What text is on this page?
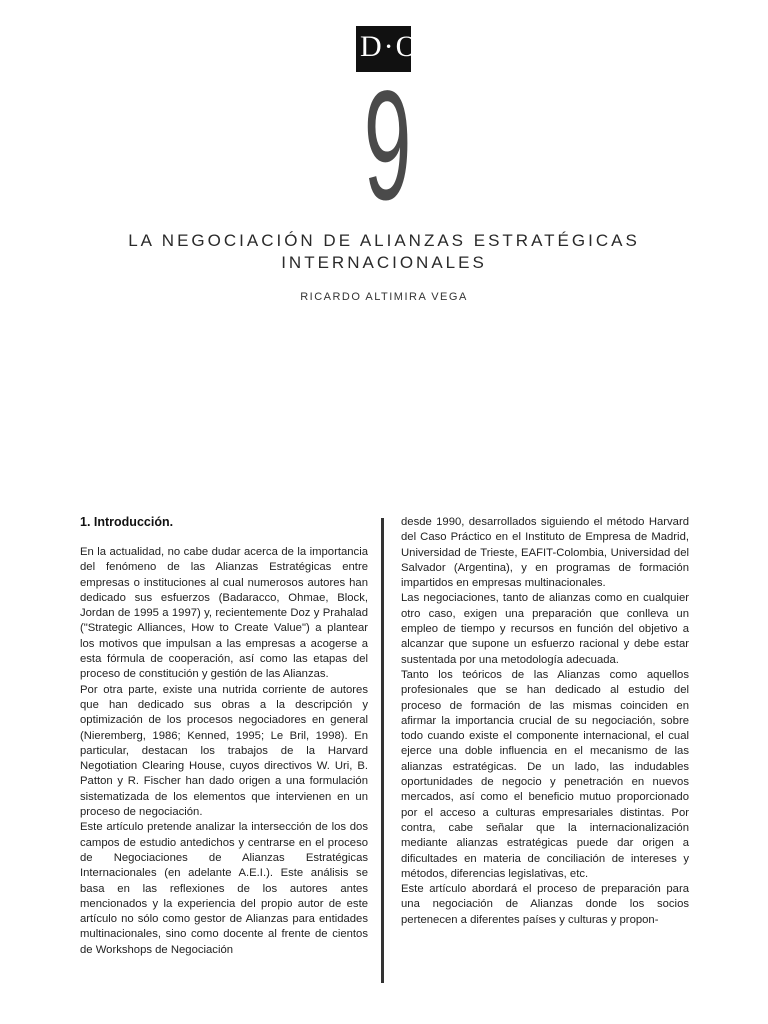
D·O
9
LA NEGOCIACIÓN DE ALIANZAS ESTRATÉGICAS
INTERNACIONALES
RICARDO ALTIMIRA VEGA
1. Introducción.

En la actualidad, no cabe dudar acerca de la importancia del fenómeno de las Alianzas Estratégicas entre empresas o instituciones al cual numerosos autores han dedicado sus esfuerzos (Badaracco, Ohmae, Block, Jordan de 1995 a 1997) y, recientemente Doz y Prahalad ("Strategic Alliances, How to Create Value") a plantear los motivos que impulsan a las empresas a acogerse a esta fórmula de cooperación, así como las etapas del proceso de constitución y gestión de las Alianzas.

Por otra parte, existe una nutrida corriente de autores que han dedicado sus obras a la descripción y optimización de los procesos negociadores en general (Nieremberg, 1986; Kenned, 1995; Le Bril, 1998). En particular, destacan los trabajos de la Harvard Negotiation Clearing House, cuyos directivos W. Uri, B. Patton y R. Fischer han dado origen a una formulación sistematizada de los elementos que intervienen en un proceso de negociación.

Este artículo pretende analizar la intersección de los dos campos de estudio antedichos y centrarse en el proceso de Negociaciones de Alianzas Estratégicas Internacionales (en adelante A.E.I.). Este análisis se basa en las reflexiones de los autores antes mencionados y la experiencia del propio autor de este artículo no sólo como gestor de Alianzas para entidades multinacionales, sino como docente al frente de cientos de Workshops de Negociación

desde 1990, desarrollados siguiendo el método Harvard del Caso Práctico en el Instituto de Empresa de Madrid, Universidad de Trieste, EAFIT-Colombia, Universidad del Salvador (Argentina), y en programas de formación impartidos en empresas multinacionales.

Las negociaciones, tanto de alianzas como en cualquier otro caso, exigen una preparación que conlleva un empleo de tiempo y recursos en función del objetivo a alcanzar que supone un esfuerzo racional y debe estar sustentada por una metodología adecuada.

Tanto los teóricos de las Alianzas como aquellos profesionales que se han dedicado al estudio del proceso de formación de las mismas coinciden en afirmar la importancia crucial de su negociación, sobre todo cuando existe el componente internacional, el cual ejerce una doble influencia en el mecanismo de las alianzas estratégicas. De un lado, las indudables oportunidades de negocio y penetración en nuevos mercados, así como el beneficio mutuo proporcionado por el acceso a culturas empresariales distintas. Por contra, cabe señalar que la internacionalización mediante alianzas estratégicas puede dar origen a dificultades en materia de conciliación de intereses y métodos, diferencias legislativas, etc.

Este artículo abordará el proceso de preparación para una negociación de Alianzas donde los socios pertenecen a diferentes países y culturas y propon-
